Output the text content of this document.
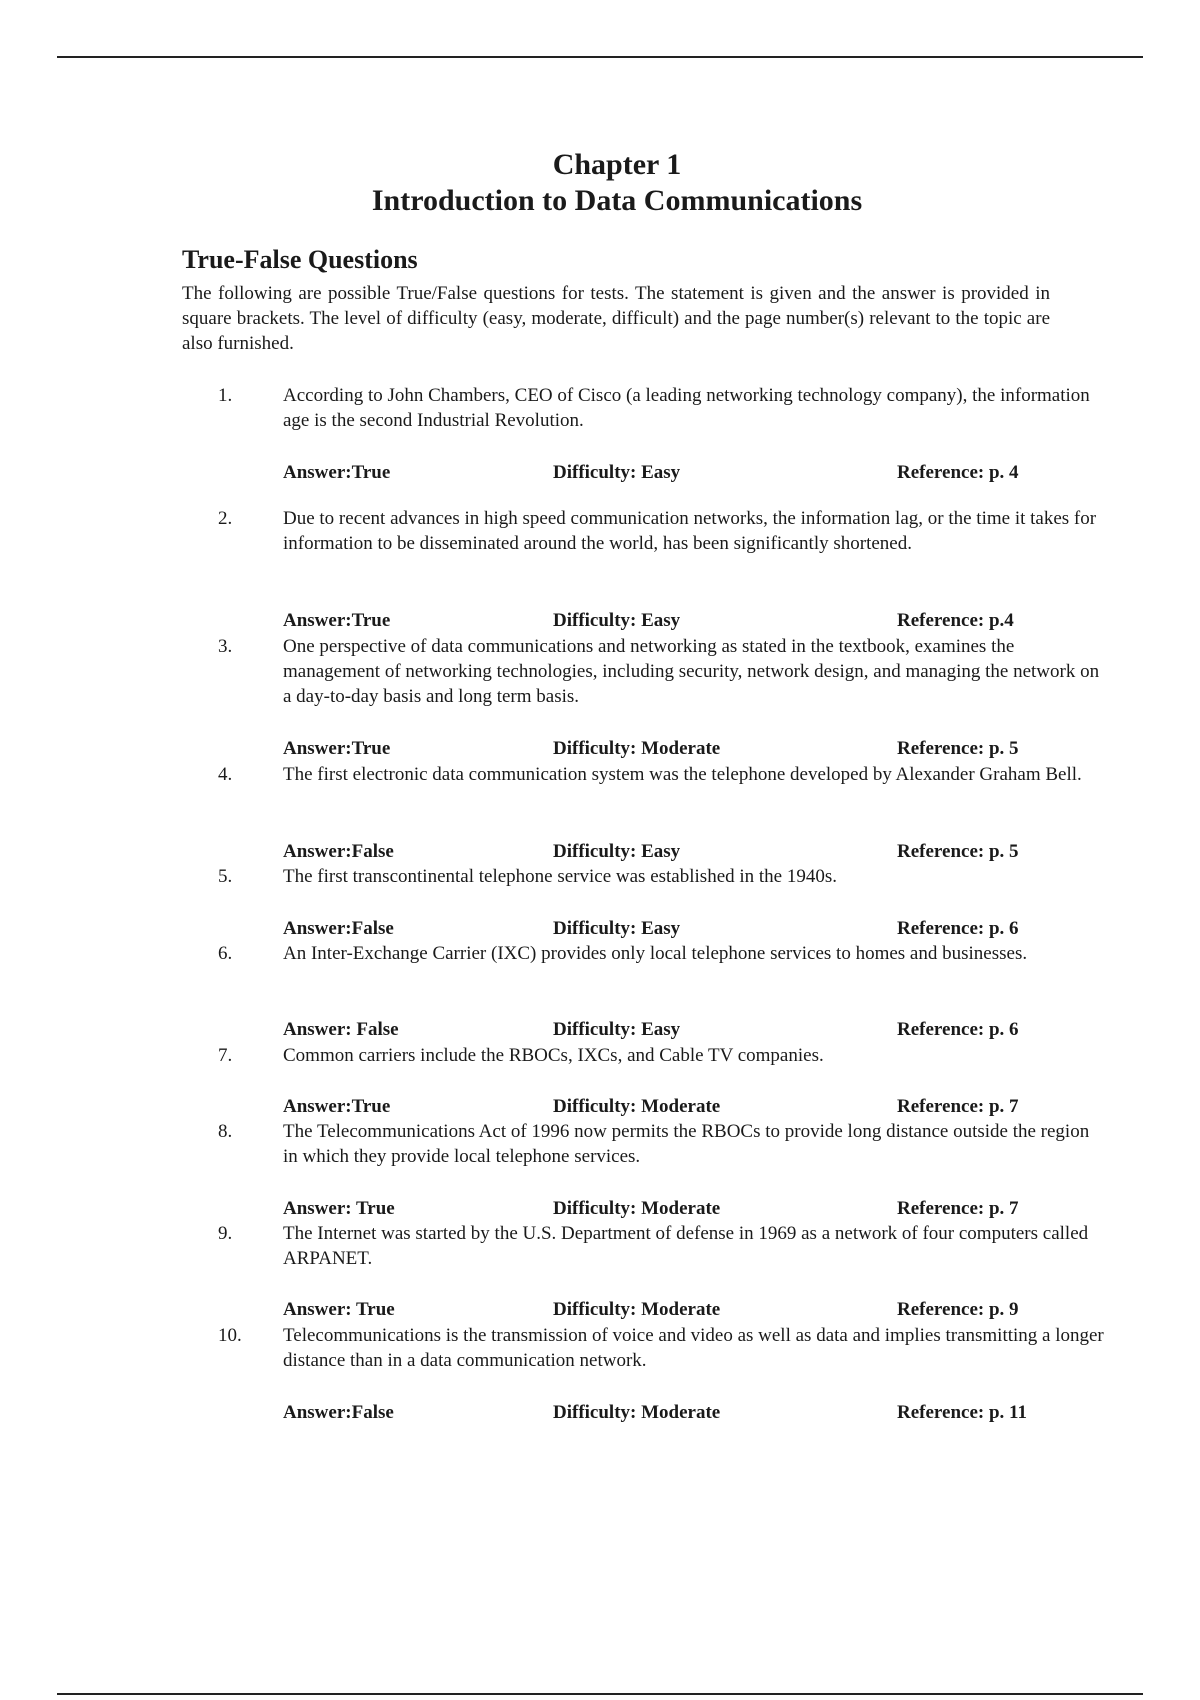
Chapter 1
Introduction to Data Communications
True-False Questions

The following are possible True/False questions for tests. The statement is given and the answer is provided in square brackets. The level of difficulty (easy, moderate, difficult) and the page number(s) relevant to the topic are also furnished.

1.	According to John Chambers, CEO of Cisco (a leading networking technology company), the information age is the second Industrial Revolution.

Answer:True	Difficulty: Easy	Reference: p. 4
2.	Due to recent advances in high speed communication networks, the information lag, or the time it takes for information to be disseminated around the world, has been significantly shortened.

Answer:True	Difficulty: Easy	Reference: p.4
3.	One perspective of data communications and networking as stated in the textbook, examines the management of networking technologies, including security, network design, and managing the network on a day-to-day basis and long term basis.

Answer:True	Difficulty: Moderate	Reference: p. 5
4.	The first electronic data communication system was the telephone developed by Alexander Graham Bell.

Answer:False	Difficulty: Easy	Reference: p. 5
5.	The first transcontinental telephone service was established in the 1940s.

Answer:False	Difficulty: Easy	Reference: p. 6
6.	An Inter-Exchange Carrier (IXC) provides only local telephone services to homes and businesses.

Answer: False	Difficulty: Easy	Reference: p. 6
7.	Common carriers include the RBOCs, IXCs, and Cable TV companies.

Answer:True	Difficulty: Moderate	Reference: p. 7
8.	The Telecommunications Act of 1996 now permits the RBOCs to provide long distance outside the region in which they provide local telephone services.

Answer: True	Difficulty: Moderate	Reference: p. 7
9.	The Internet was started by the U.S. Department of defense in 1969 as a network of four computers called ARPANET.

Answer: True	Difficulty: Moderate	Reference: p. 9
10. Telecommunications is the transmission of voice and video as well as data and implies transmitting a longer distance than in a data communication network.

Answer:False	Difficulty: Moderate	Reference: p. 11
